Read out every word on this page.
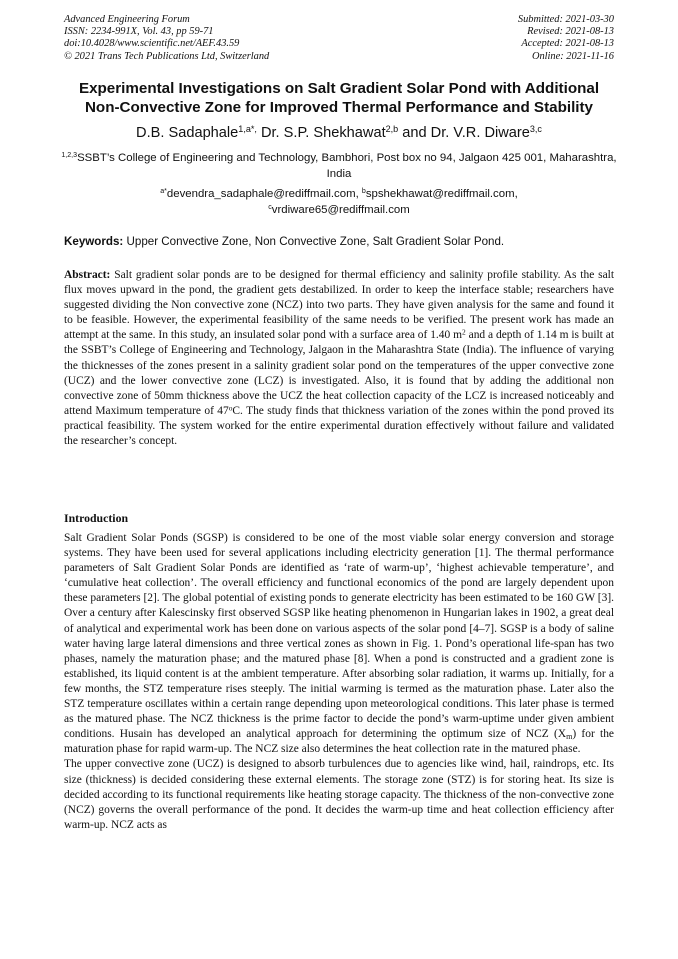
Advanced Engineering Forum
ISSN: 2234-991X, Vol. 43, pp 59-71
doi:10.4028/www.scientific.net/AEF.43.59
© 2021 Trans Tech Publications Ltd, Switzerland
Submitted: 2021-03-30
Revised: 2021-08-13
Accepted: 2021-08-13
Online: 2021-11-16
Experimental Investigations on Salt Gradient Solar Pond with Additional
Non-Convective Zone for Improved Thermal Performance and Stability
D.B. Sadaphale$^{1,a*,}$ Dr. S.P. Shekhawat$^{2,b}$ and Dr. V.R. Diware$^{3,c}$
$^{1,2,3}$SSBT’s College of Engineering and Technology, Bambhori, Post box no 94, Jalgaon 425 001, Maharashtra, India
$^{a*}$devendra_sadaphale@rediffmail.com, $^b$spshekhawat@rediffmail.com,
$^c$vrdiware65@rediffmail.com
Keywords: Upper Convective Zone, Non Convective Zone, Salt Gradient Solar Pond.
Abstract: Salt gradient solar ponds are to be designed for thermal efficiency and salinity profile stability. As the salt flux moves upward in the pond, the gradient gets destabilized. In order to keep the interface stable; researchers have suggested dividing the Non convective zone (NCZ) into two parts. They have given analysis for the same and found it to be feasible. However, the experimental feasibility of the same needs to be verified. The present work has made an attempt at the same. In this study, an insulated solar pond with a surface area of 1.40 $m^2$ and a depth of 1.14 m is built at the SSBT’s College of Engineering and Technology, Jalgaon in the Maharashtra State (India). The influence of varying the thicknesses of the zones present in a salinity gradient solar pond on the temperatures of the upper convective zone (UCZ) and the lower convective zone (LCZ) is investigated. Also, it is found that by adding the additional non convective zone of 50mm thickness above the UCZ the heat collection capacity of the LCZ is increased noticeably and attend Maximum temperature of 47$^o$C. The study finds that thickness variation of the zones within the pond proved its practical feasibility. The system worked for the entire experimental duration effectively without failure and validated the researcher’s concept.
Introduction

Salt Gradient Solar Ponds (SGSP) is considered to be one of the most viable solar energy conversion and storage systems. They have been used for several applications including electricity generation [1]. The thermal performance parameters of Salt Gradient Solar Ponds are identified as ‘rate of warm-up’, ‘highest achievable temperature’, and ‘cumulative heat collection’. The overall efficiency and functional economics of the pond are largely dependent upon these parameters [2]. The global potential of existing ponds to generate electricity has been estimated to be 160 GW [3]. Over a century after Kalescinsky first observed SGSP like heating phenomenon in Hungarian lakes in 1902, a great deal of analytical and experimental work has been done on various aspects of the solar pond [4–7]. SGSP is a body of saline water having large lateral dimensions and three vertical zones as shown in Fig. 1. Pond’s operational life-span has two phases, namely the maturation phase; and the matured phase [8]. When a pond is constructed and a gradient zone is established, its liquid content is at the ambient temperature. After absorbing solar radiation, it warms up. Initially, for a few months, the STZ temperature rises steeply. The initial warming is termed as the maturation phase. Later also the STZ temperature oscillates within a certain range depending upon meteorological conditions. This later phase is termed as the matured phase. The NCZ thickness is the prime factor to decide the pond’s warm-uptime under given ambient conditions. Husain has developed an analytical approach for determining the optimum size of NCZ $(X_m)$ for the maturation phase for rapid warm-up. The NCZ size also determines the heat collection rate in the matured phase.

The upper convective zone (UCZ) is designed to absorb turbulences due to agencies like wind, hail, raindrops, etc. Its size (thickness) is decided considering these external elements. The storage zone (STZ) is for storing heat. Its size is decided according to its functional requirements like heating storage capacity. The thickness of the non-convective zone (NCZ) governs the overall performance of the pond. It decides the warm-up time and heat collection efficiency after warm-up. NCZ acts as
